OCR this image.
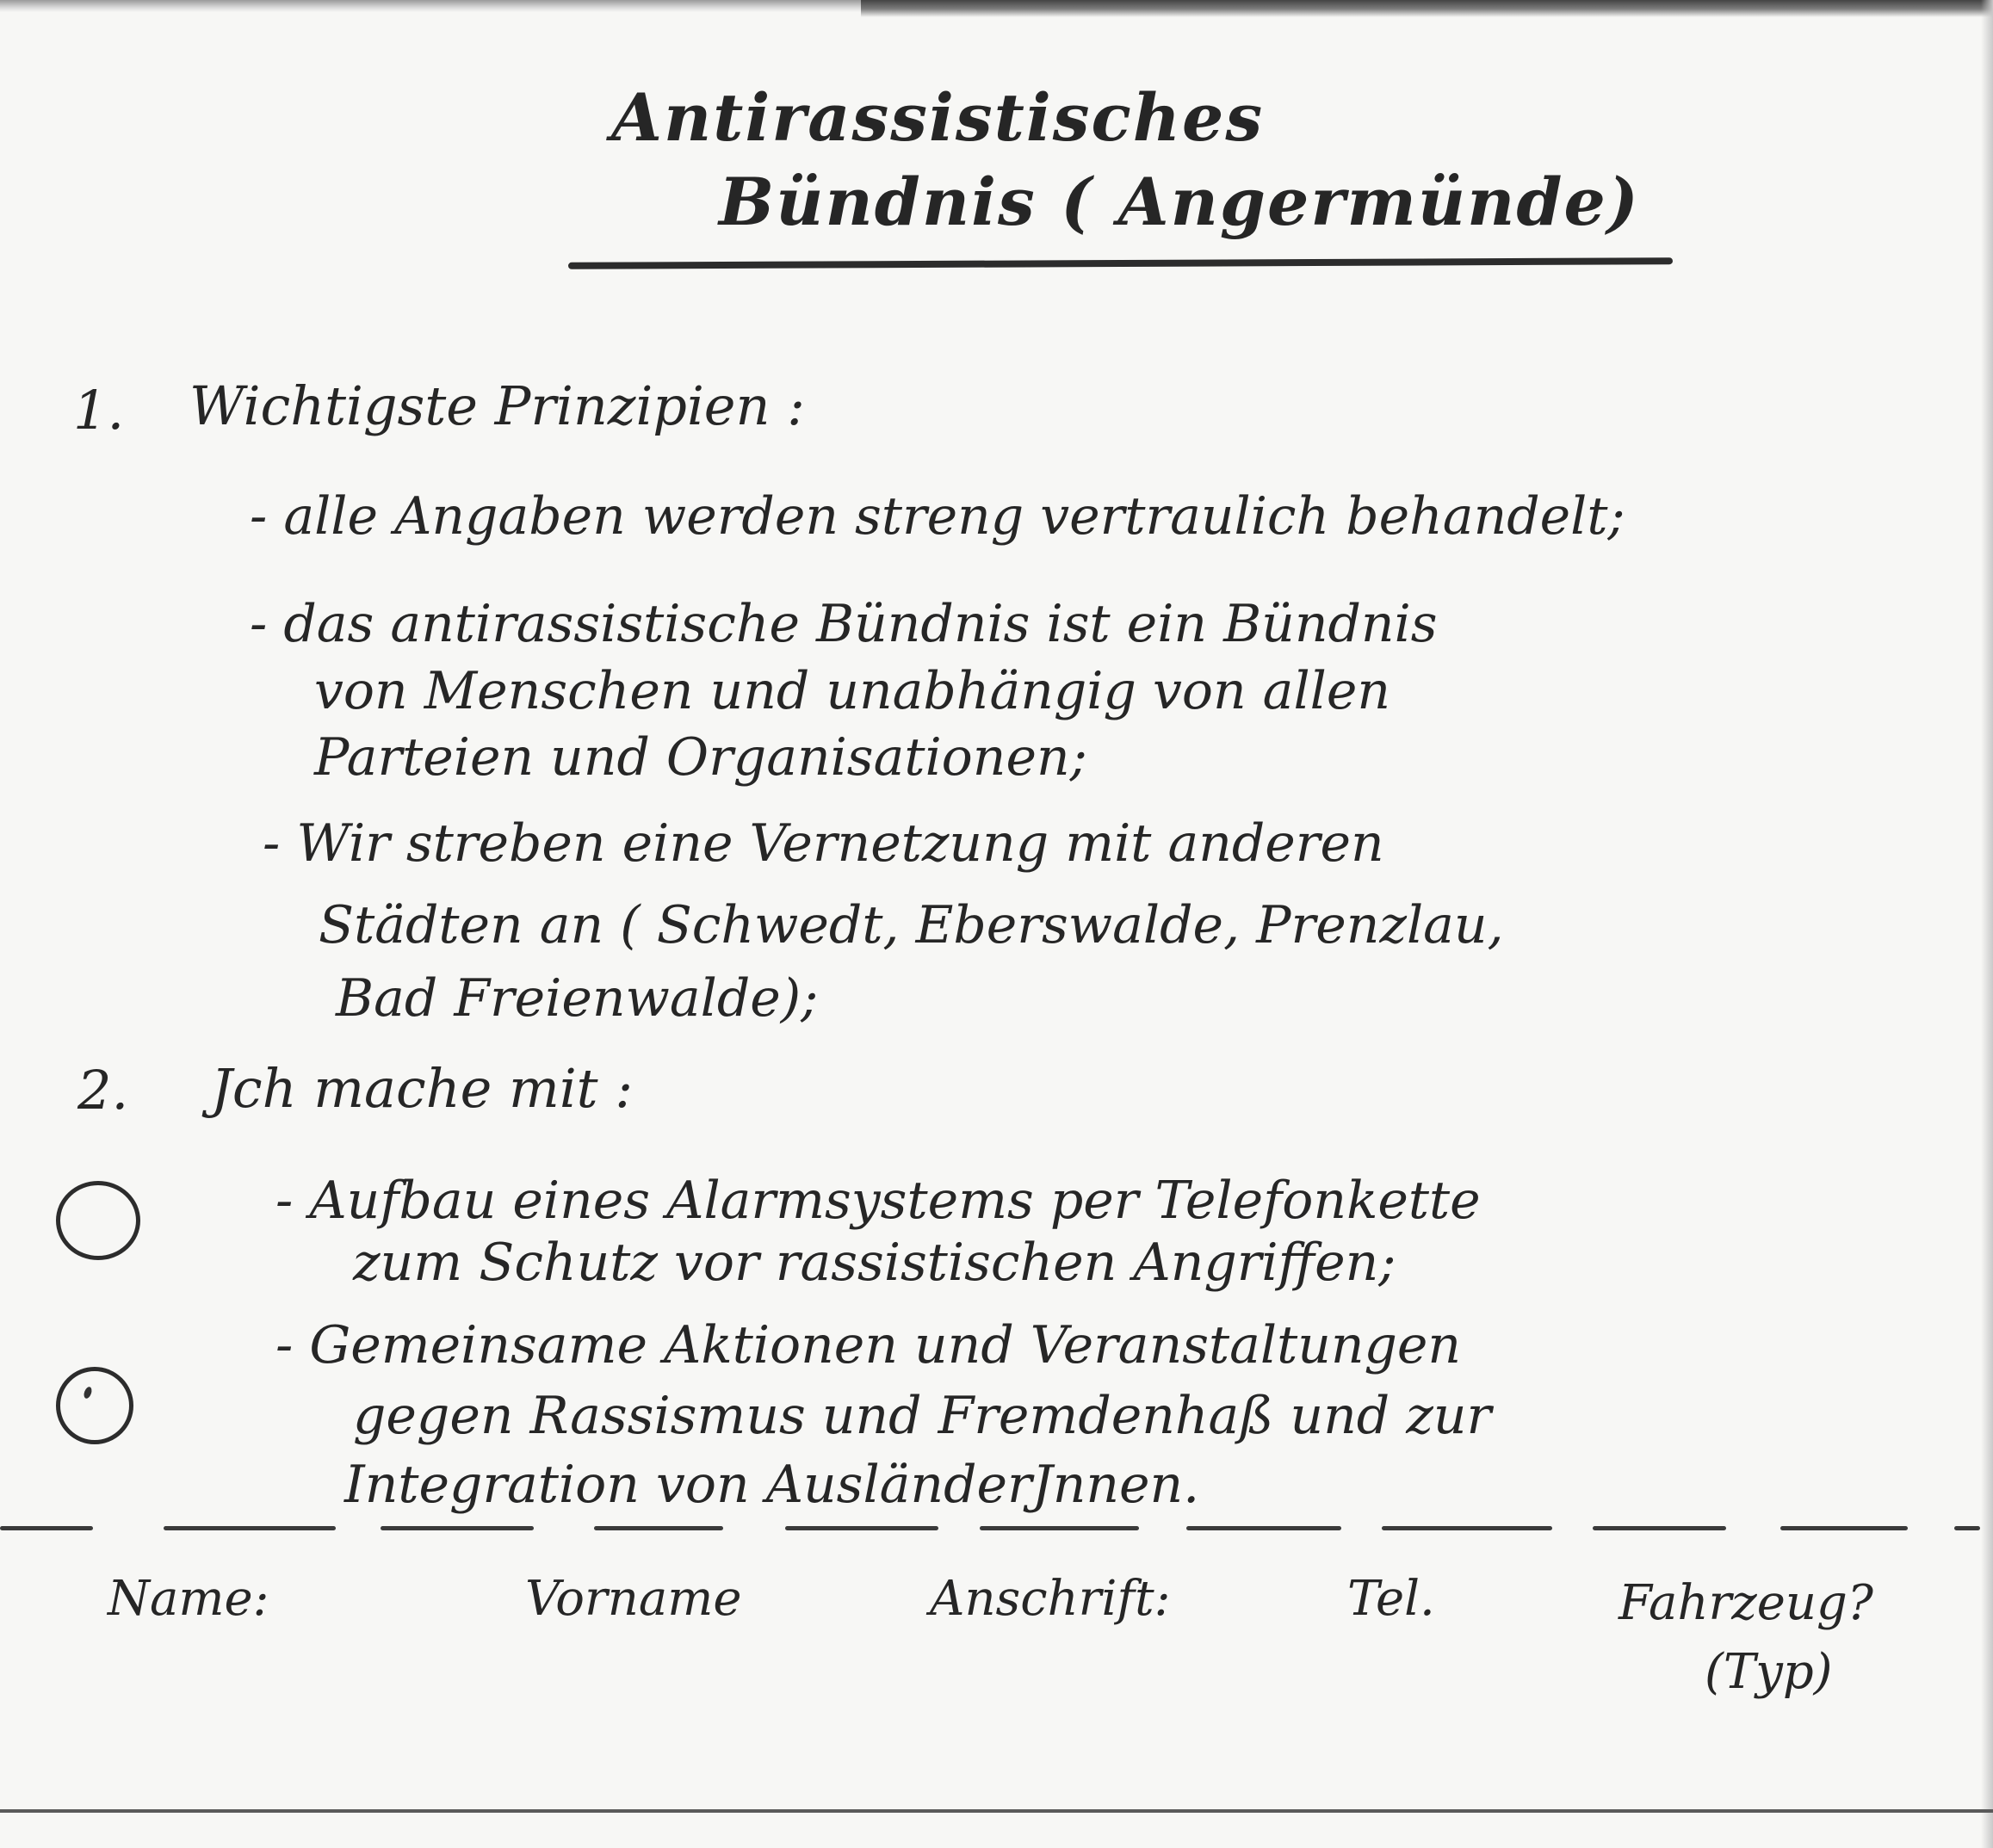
Antirassistisches
Bündnis ( Angermünde)
1. Wichtigste Prinzipien :
- alle Angaben werden streng vertraulich behandelt;
- das antirassistische Bündnis ist ein Bündnis
von Menschen und unabhängig von allen
Parteien und Organisationen;
- Wir streben eine Vernetzung mit anderen
Städten an ( Schwedt, Eberswalde, Prenzlau,
Bad Freienwalde);
2. Jch mache mit :
- Aufbau eines Alarmsystems per Telefonkette
zum Schutz vor rassistischen Angriffen;
- Gemeinsame Aktionen und Veranstaltungen
gegen Rassismus und Fremdenhaß und zur
Integration von AusländerJnnen.
Name:	Vorname	Anschrift:	Tel.	Fahrzeug?
(Typ)
